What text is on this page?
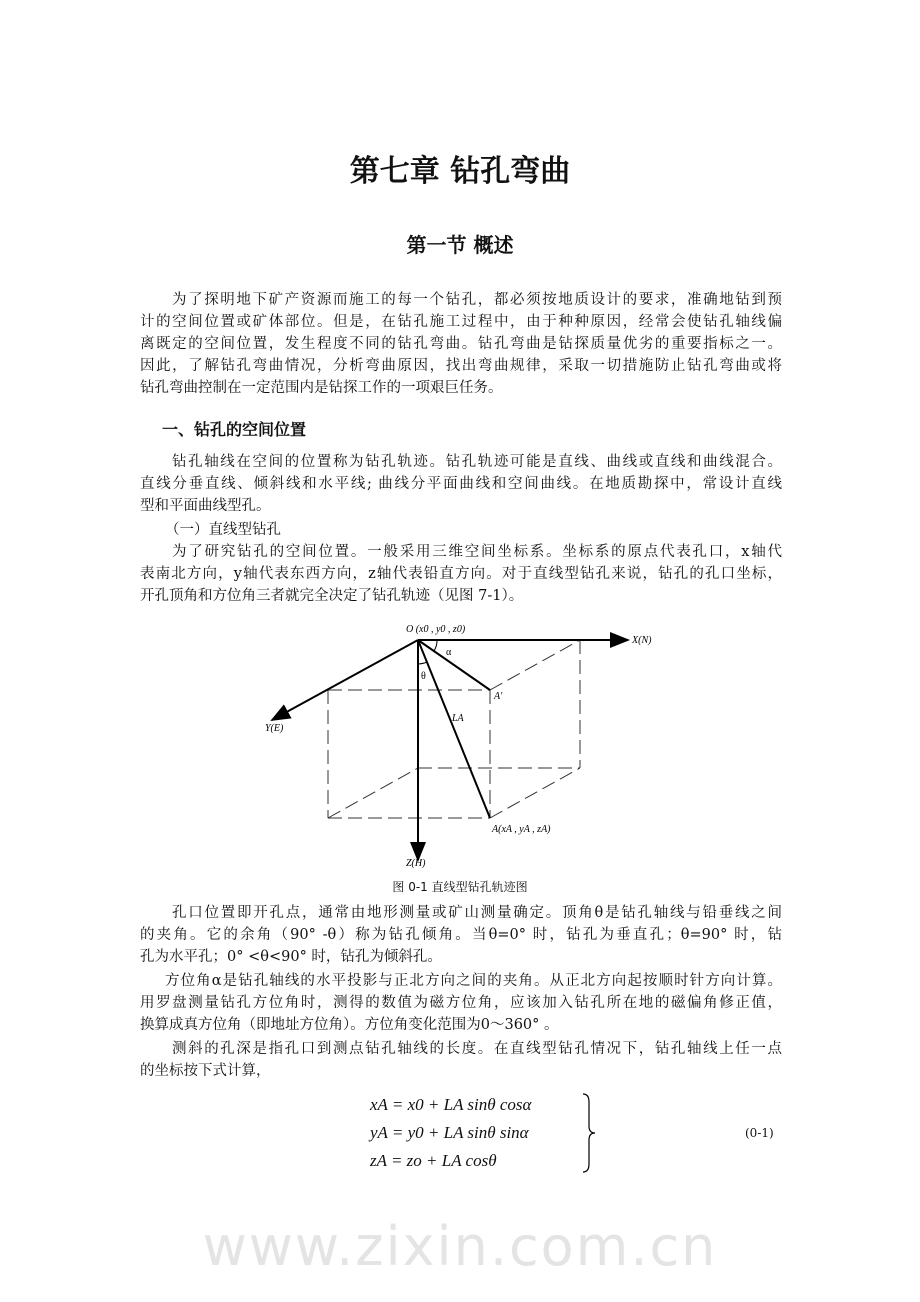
第七章 钻孔弯曲
第一节 概述
为了探明地下矿产资源而施工的每一个钻孔，都必须按地质设计的要求，准确地钻到预
计的空间位置或矿体部位。但是，在钻孔施工过程中，由于种种原因，经常会使钻孔轴线偏
离既定的空间位置，发生程度不同的钻孔弯曲。钻孔弯曲是钻探质量优劣的重要指标之一。
因此，了解钻孔弯曲情况，分析弯曲原因，找出弯曲规律，采取一切措施防止钻孔弯曲或将
钻孔弯曲控制在一定范围内是钻探工作的一项艰巨任务。
一、钻孔的空间位置
钻孔轴线在空间的位置称为钻孔轨迹。钻孔轨迹可能是直线、曲线或直线和曲线混合。
直线分垂直线、倾斜线和水平线; 曲线分平面曲线和空间曲线。在地质勘探中，常设计直线
型和平面曲线型孔。
（一）直线型钻孔
为了研究钻孔的空间位置。一般采用三维空间坐标系。坐标系的原点代表孔口，x轴代
表南北方向，y轴代表东西方向，z轴代表铅直方向。对于直线型钻孔来说，钻孔的孔口坐标，
开孔顶角和方位角三者就完全决定了钻孔轨迹（见图 7-1）。
O (x0 , y0 , z0)
X(N)
Y(E)
Z(H)
α
θ
A'
LA
A(xA , yA , zA)
图 0-1 直线型钻孔轨迹图
孔口位置即开孔点，通常由地形测量或矿山测量确定。顶角θ是钻孔轴线与铅垂线之间
的夹角。它的余角（90° -θ）称为钻孔倾角。当θ=0° 时，钻孔为垂直孔；θ=90° 时，钻
孔为水平孔；0° <θ<90° 时，钻孔为倾斜孔。
方位角α是钻孔轴线的水平投影与正北方向之间的夹角。从正北方向起按顺时针方向计算。
用罗盘测量钻孔方位角时，测得的数值为磁方位角，应该加入钻孔所在地的磁偏角修正值，
换算成真方位角（即地址方位角）。方位角变化范围为0～360° 。
测斜的孔深是指孔口到测点钻孔轴线的长度。在直线型钻孔情况下，钻孔轴线上任一点
的坐标按下式计算，
xA = x0 + LA sinθ cosα
yA = y0 + LA sinθ sinα
zA = zo + LA cosθ
(0-1)
www.zixin.com.cn
